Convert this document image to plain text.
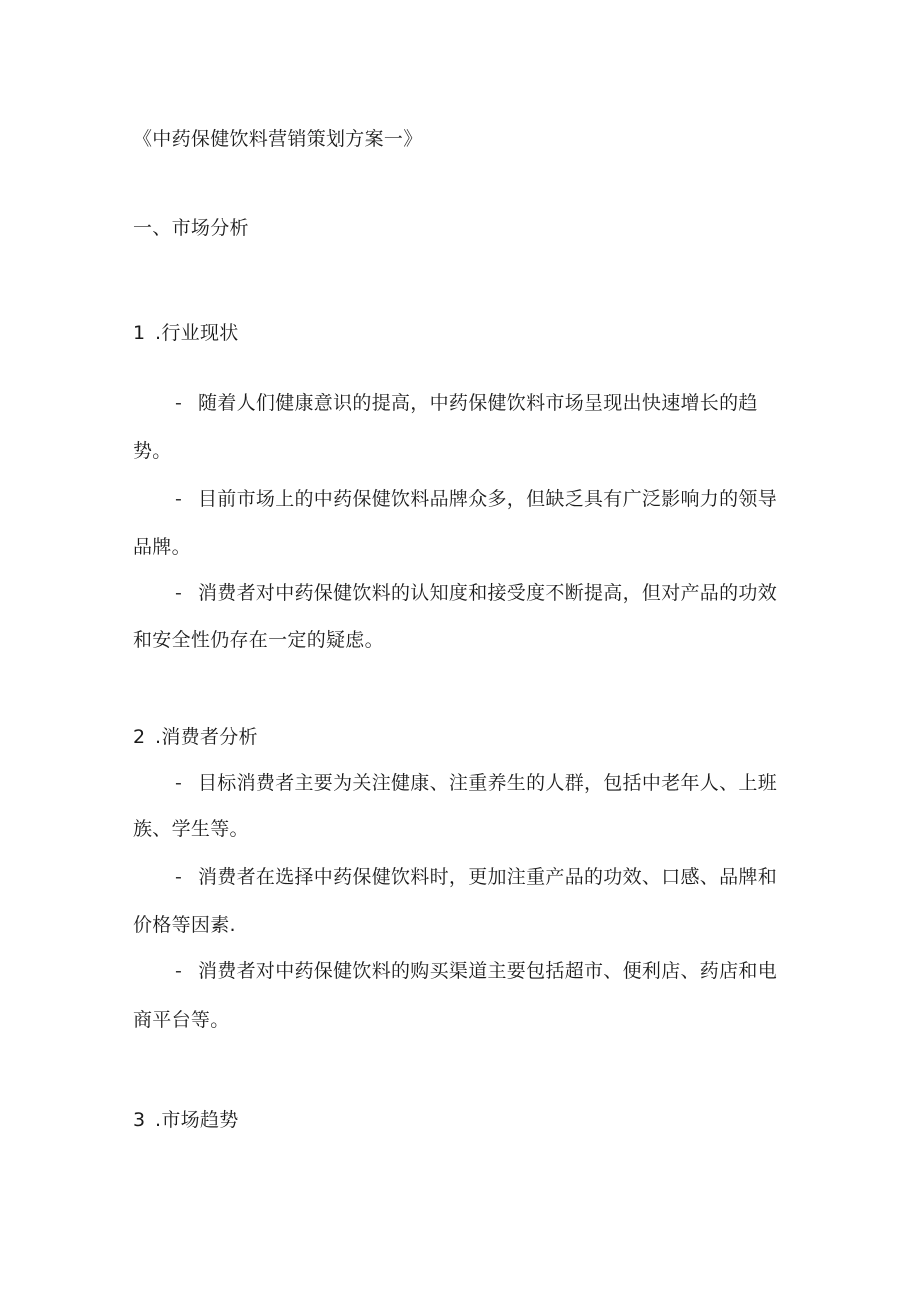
《中药保健饮料营销策划方案一》
一、市场分析
1 .行业现状
- 随着人们健康意识的提高，中药保健饮料市场呈现出快速增长的趋
势。
- 目前市场上的中药保健饮料品牌众多，但缺乏具有广泛影响力的领导
品牌。
- 消费者对中药保健饮料的认知度和接受度不断提高，但对产品的功效
和安全性仍存在一定的疑虑。
2 .消费者分析
- 目标消费者主要为关注健康、注重养生的人群，包括中老年人、上班
族、学生等。
- 消费者在选择中药保健饮料时，更加注重产品的功效、口感、品牌和
价格等因素.
- 消费者对中药保健饮料的购买渠道主要包括超市、便利店、药店和电
商平台等。
3 .市场趋势
